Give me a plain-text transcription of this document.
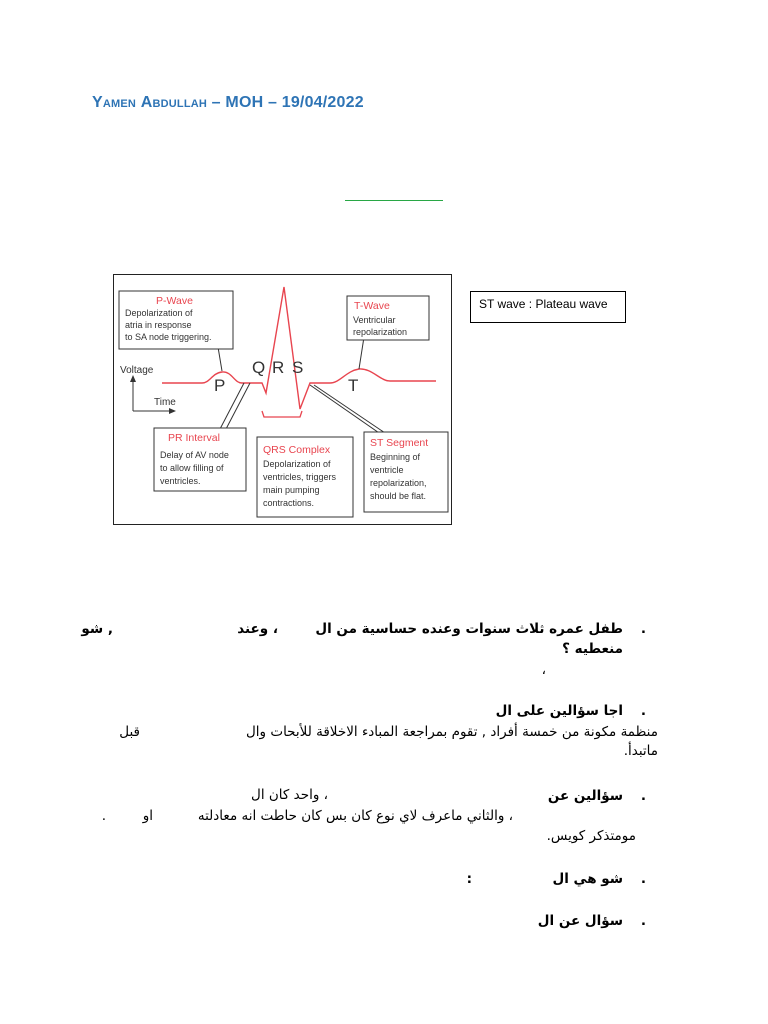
Yamen Abdullah – MOH – 19/04/2022
Voltage
Time
Q R S
P	T
P-Wave
Depolarization of
atria in response
to SA node triggering.
T-Wave
Ventricular
repolarization
PR Interval
Delay of AV node
to allow filling of
ventricles.
QRS Complex
Depolarization of
ventricles, triggers
main pumping
contractions.
ST Segment
Beginning of
ventricle
repolarization,
should be flat.
ST wave : Plateau wave
.
طفل عمره ثلاث سنوات وعنده حساسية من ال
، وعند
, شو
منعطيه ؟
،
.
اجا سؤالين على ال
منظمة مكونة من خمسة أفراد , تقوم بمراجعة المبادء الاخلاقة للأبحات وال
قبل
ماتبدأ.
.
سؤالين عن
، واحد كان ال
، والثاني ماعرف لاي نوع كان بس كان حاطت انه معادلته
او
.
مومتذكر كويس.
.
شو هي ال
:
.
سؤال عن ال
